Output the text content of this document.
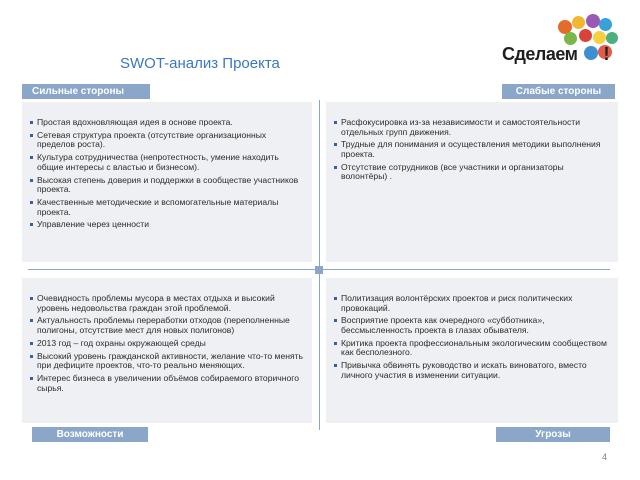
SWOT-анализ Проекта	Сделаем !
Сильные стороны	Слабые стороны
Простая вдохновляющая идея в основе проекта.
Сетевая структура проекта (отсутствие организационных пределов роста).
Культура сотрудничества (непротестность, умение находить общие интересы с властью и бизнесом).
Высокая степень доверия и поддержки в сообществе участников проекта.
Качественные методические и вспомогательные материалы проекта.
Управление через ценности
Расфокусировка из-за независимости и самостоятельности отдельных групп движения.
Трудные для понимания и осуществления методики выполнения проекта.
Отсутствие сотрудников (все участники и организаторы волонтёры) .
Очевидность проблемы мусора в местах отдыха и высокий уровень недовольства граждан этой проблемой.
Актуальность проблемы переработки отходов (переполненные полигоны, отсутствие мест для новых полигонов)
2013 год – год охраны окружающей среды
Высокий уровень гражданской активности, желание что-то менять при дефиците проектов, что-то реально меняющих.
Интерес бизнеса в увеличении объёмов собираемого вторичного сырья.
Политизация волонтёрских проектов и риск политических провокаций.
Восприятие проекта как очередного «субботника», бессмысленность проекта в глазах обывателя.
Критика проекта профессиональным экологическим сообществом как бесполезного.
Привычка обвинять руководство и искать виноватого, вместо личного участия в изменении ситуации.
Возможности	Угрозы
4
